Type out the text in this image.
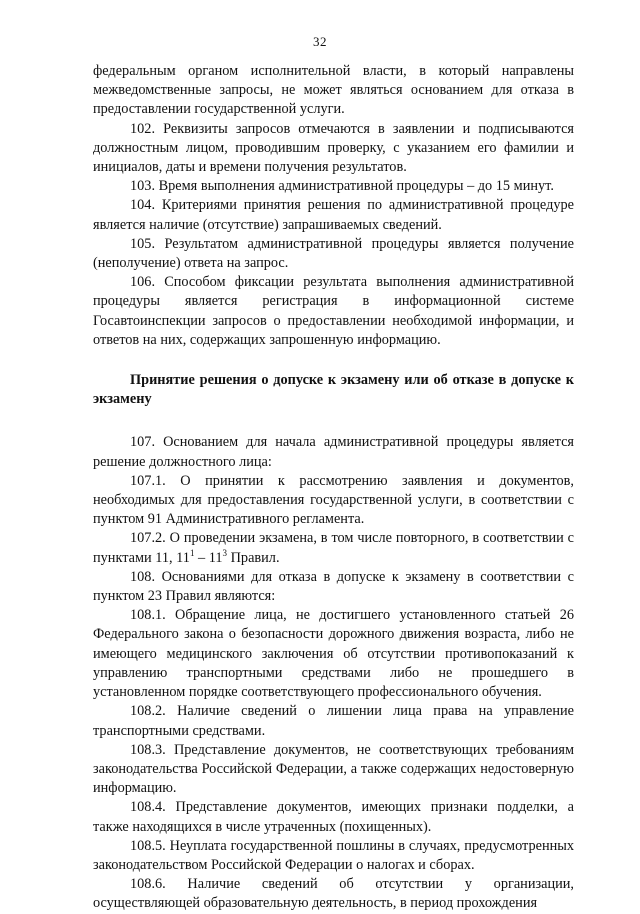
32

федеральным органом исполнительной власти, в который направлены межведомственные запросы, не может являться основанием для отказа в предоставлении государственной услуги.

102. Реквизиты запросов отмечаются в заявлении и подписываются должностным лицом, проводившим проверку, с указанием его фамилии и инициалов, даты и времени получения результатов.

103. Время выполнения административной процедуры – до 15 минут.

104. Критериями принятия решения по административной процедуре является наличие (отсутствие) запрашиваемых сведений.

105. Результатом административной процедуры является получение (неполучение) ответа на запрос.

106. Способом фиксации результата выполнения административной процедуры является регистрация в информационной системе Госавтоинспекции запросов о предоставлении необходимой информации, и ответов на них, содержащих запрошенную информацию.

Принятие решения о допуске к экзамену или об отказе в допуске к экзамену

107. Основанием для начала административной процедуры является решение должностного лица:

107.1. О принятии к рассмотрению заявления и документов, необходимых для предоставления государственной услуги, в соответствии с пунктом 91 Административного регламента.

107.2. О проведении экзамена, в том числе повторного, в соответствии с пунктами 11, $11^1 - 11^3$ Правил.

108. Основаниями для отказа в допуске к экзамену в соответствии с пунктом 23 Правил являются:

108.1. Обращение лица, не достигшего установленного статьей 26 Федерального закона о безопасности дорожного движения возраста, либо не имеющего медицинского заключения об отсутствии противопоказаний к управлению транспортными средствами либо не прошедшего в установленном порядке соответствующего профессионального обучения.

108.2. Наличие сведений о лишении лица права на управление транспортными средствами.

108.3. Представление документов, не соответствующих требованиям законодательства Российской Федерации, а также содержащих недостоверную информацию.

108.4. Представление документов, имеющих признаки подделки, а также находящихся в числе утраченных (похищенных).

108.5. Неуплата государственной пошлины в случаях, предусмотренных законодательством Российской Федерации о налогах и сборах.

108.6. Наличие сведений об отсутствии у организации, осуществляющей образовательную деятельность, в период прохождения
